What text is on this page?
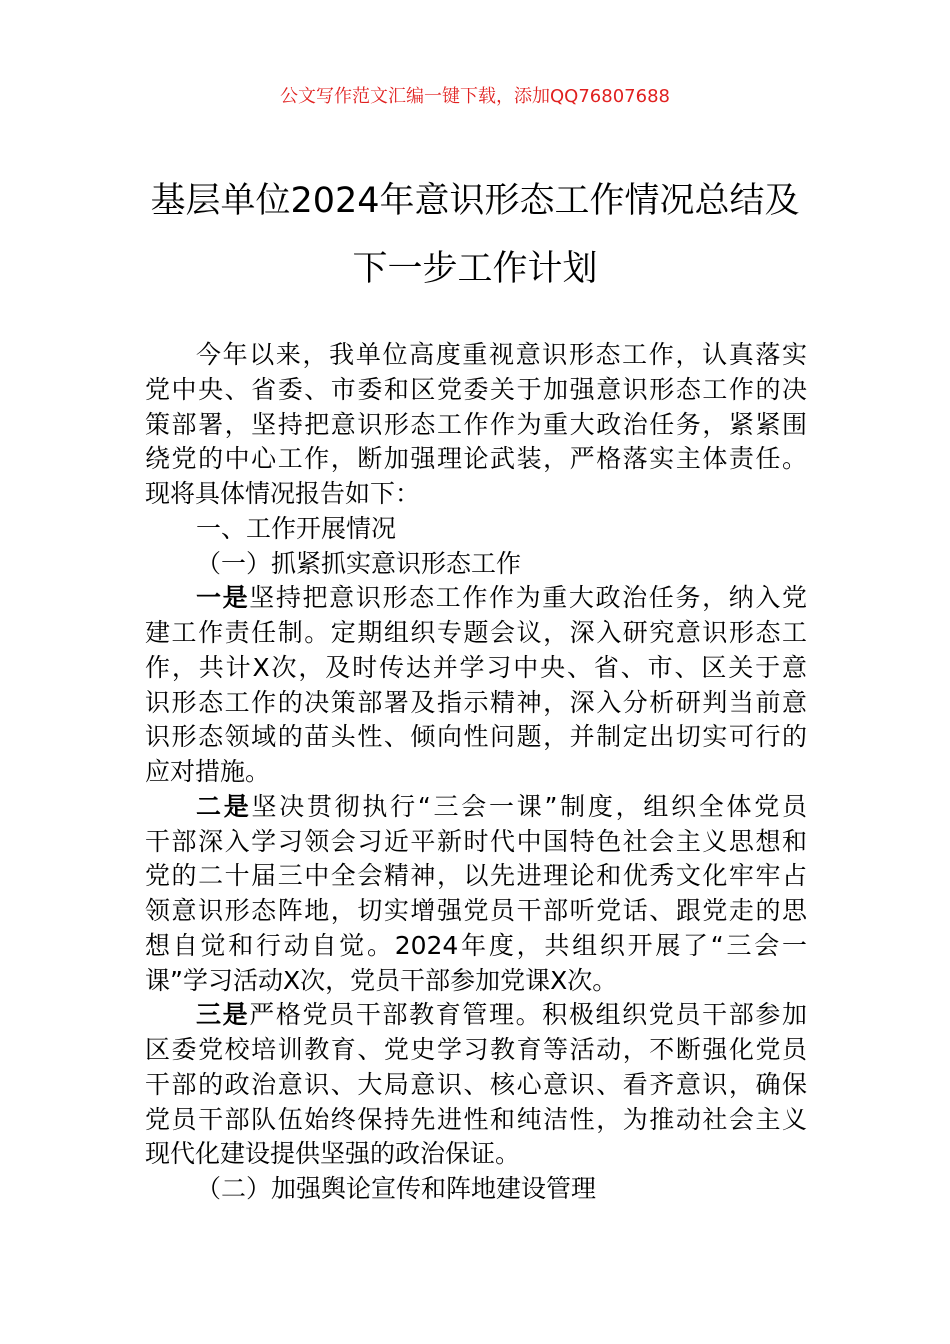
公文写作范文汇编一键下载，添加QQ76807688
基层单位2024年意识形态工作情况总结及
下一步工作计划
今年以来，我单位高度重视意识形态工作，认真落实
党中央、省委、市委和区党委关于加强意识形态工作的决
策部署，坚持把意识形态工作作为重大政治任务，紧紧围
绕党的中心工作，断加强理论武装，严格落实主体责任。
现将具体情况报告如下：
一、工作开展情况
（一）抓紧抓实意识形态工作
一是坚持把意识形态工作作为重大政治任务，纳入党
建工作责任制。定期组织专题会议，深入研究意识形态工
作，共计X次，及时传达并学习中央、省、市、区关于意
识形态工作的决策部署及指示精神，深入分析研判当前意
识形态领域的苗头性、倾向性问题，并制定出切实可行的
应对措施。
二是坚决贯彻执行“三会一课”制度，组织全体党员
干部深入学习领会习近平新时代中国特色社会主义思想和
党的二十届三中全会精神，以先进理论和优秀文化牢牢占
领意识形态阵地，切实增强党员干部听党话、跟党走的思
想自觉和行动自觉。2024年度，共组织开展了“三会一
课”学习活动X次，党员干部参加党课X次。
三是严格党员干部教育管理。积极组织党员干部参加
区委党校培训教育、党史学习教育等活动，不断强化党员
干部的政治意识、大局意识、核心意识、看齐意识，确保
党员干部队伍始终保持先进性和纯洁性，为推动社会主义
现代化建设提供坚强的政治保证。
（二）加强舆论宣传和阵地建设管理
